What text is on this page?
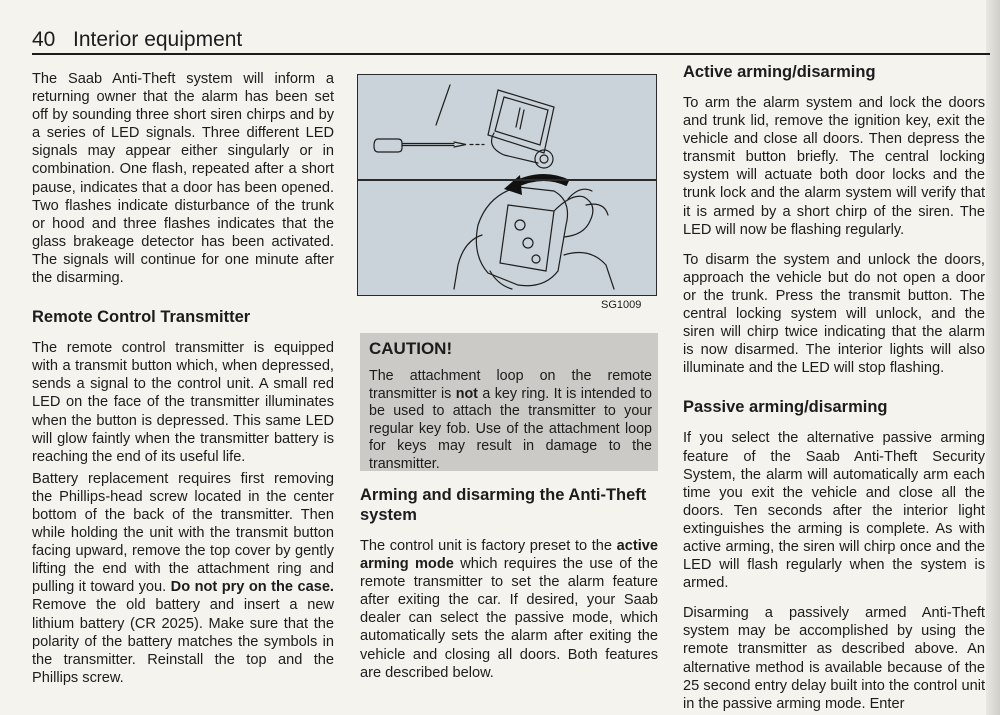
40 Interior equipment

The Saab Anti-Theft system will inform a returning owner that the alarm has been set off by sounding three short siren chirps and by a series of LED signals. Three different LED signals may appear either singularly or in combination. One flash, repeated after a short pause, indicates that a door has been opened. Two flashes indicate disturbance of the trunk or hood and three flashes indicates that the glass brakeage detector has been activated. The signals will continue for one minute after the disarming.

Remote Control Transmitter

The remote control transmitter is equipped with a transmit button which, when depressed, sends a signal to the control unit. A small red LED on the face of the transmitter illuminates when the button is depressed. This same LED will glow faintly when the transmitter battery is reaching the end of its useful life.

Battery replacement requires first removing the Phillips-head screw located in the center bottom of the back of the transmitter. Then while holding the unit with the transmit button facing upward, remove the top cover by gently lifting the end with the attachment ring and pulling it toward you. Do not pry on the case. Remove the old battery and insert a new lithium battery (CR 2025). Make sure that the polarity of the battery matches the symbols in the transmitter. Reinstall the top and the Phillips screw.

SG1009
CAUTION!

The attachment loop on the remote transmitter is not a key ring. It is intended to be used to attach the transmitter to your regular key fob. Use of the attachment loop for keys may result in damage to the transmitter.

Arming and disarming the Anti-Theft system

The control unit is factory preset to the active arming mode which requires the use of the remote transmitter to set the alarm feature after exiting the car. If desired, your Saab dealer can select the passive mode, which automatically sets the alarm after exiting the vehicle and closing all doors. Both features are described below.

Active arming/disarming

To arm the alarm system and lock the doors and trunk lid, remove the ignition key, exit the vehicle and close all doors. Then depress the transmit button briefly. The central locking system will actuate both door locks and the trunk lock and the alarm system will verify that it is armed by a short chirp of the siren. The LED will now be flashing regularly.

To disarm the system and unlock the doors, approach the vehicle but do not open a door or the trunk. Press the transmit button. The central locking system will unlock, and the siren will chirp twice indicating that the alarm is now disarmed. The interior lights will also illuminate and the LED will stop flashing.

Passive arming/disarming

If you select the alternative passive arming feature of the Saab Anti-Theft Security System, the alarm will automatically arm each time you exit the vehicle and close all the doors. Ten seconds after the interior light extinguishes the arming is complete. As with active arming, the siren will chirp once and the LED will flash regularly when the system is armed.

Disarming a passively armed Anti-Theft system may be accomplished by using the remote transmitter as described above. An alternative method is available because of the 25 second entry delay built into the control unit in the passive arming mode. Enter
